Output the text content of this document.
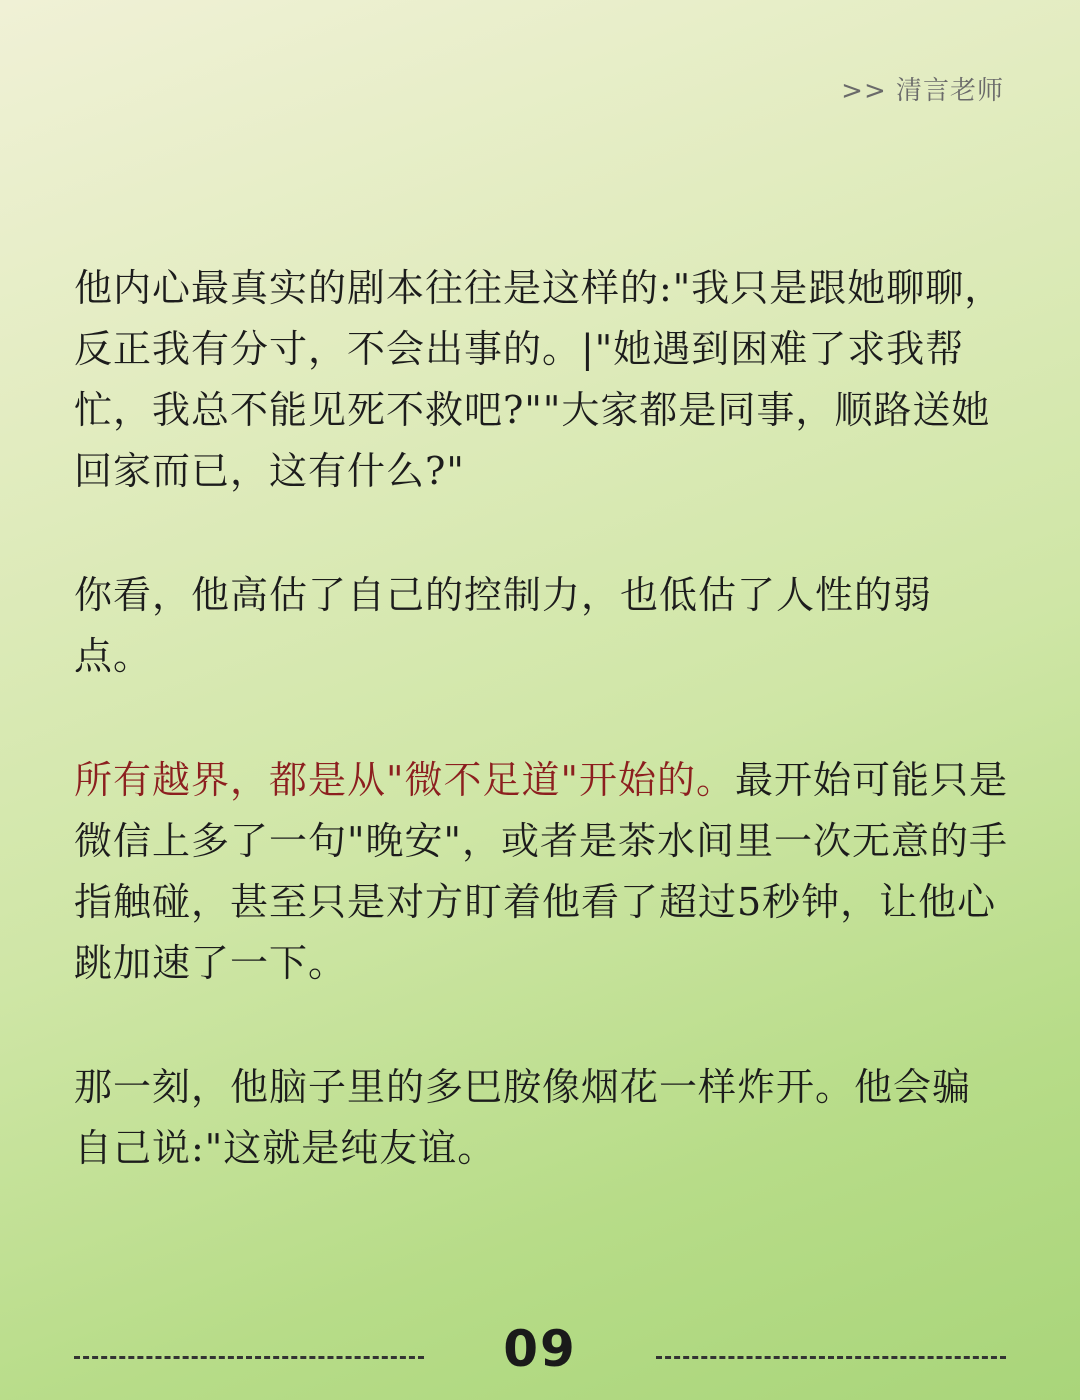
>> 清言老师

他内心最真实的剧本往往是这样的:"我只是跟她聊聊，反正我有分寸，不会出事的。|"她遇到困难了求我帮忙，我总不能见死不救吧?""大家都是同事，顺路送她回家而已，这有什么?"

你看，他高估了自己的控制力，也低估了人性的弱点。

所有越界，都是从"微不足道"开始的。最开始可能只是微信上多了一句"晚安"，或者是茶水间里一次无意的手指触碰，甚至只是对方盯着他看了超过5秒钟，让他心跳加速了一下。

那一刻，他脑子里的多巴胺像烟花一样炸开。他会骗自己说:"这就是纯友谊。

09
